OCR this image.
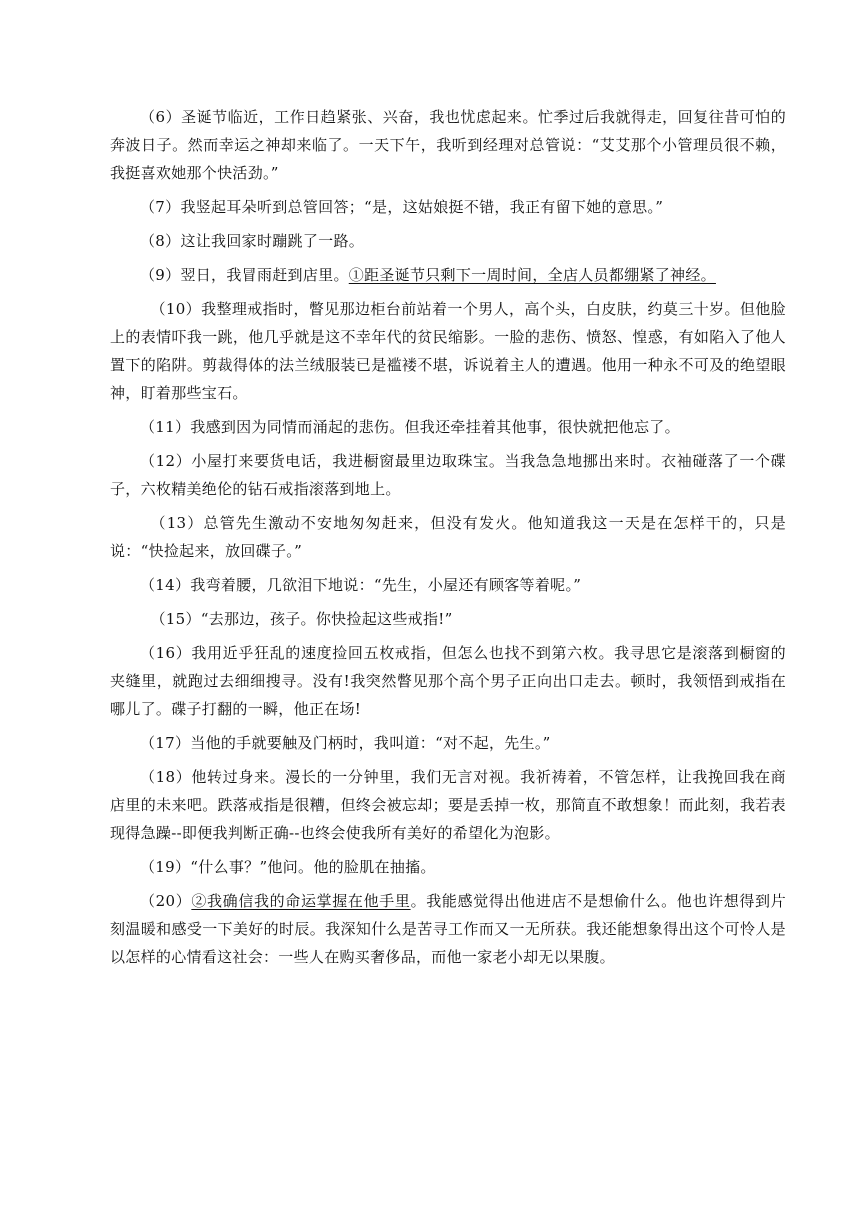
（6）圣诞节临近，工作日趋紧张、兴奋，我也忧虑起来。忙季过后我就得走，回复往昔可怕的奔波日子。然而幸运之神却来临了。一天下午，我听到经理对总管说：“艾艾那个小管理员很不赖，我挺喜欢她那个快活劲。”

（7）我竖起耳朵听到总管回答；“是，这姑娘挺不错，我正有留下她的意思。”

（8）这让我回家时蹦跳了一路。

（9）翌日，我冒雨赶到店里。①距圣诞节只剩下一周时间，全店人员都绷紧了神经。

（10）我整理戒指时，瞥见那边柜台前站着一个男人，高个头，白皮肤，约莫三十岁。但他脸上的表情吓我一跳，他几乎就是这不幸年代的贫民缩影。一脸的悲伤、愤怒、惶惑，有如陷入了他人置下的陷阱。剪裁得体的法兰绒服装已是褴褛不堪，诉说着主人的遭遇。他用一种永不可及的绝望眼神，盯着那些宝石。

（11）我感到因为同情而涌起的悲伤。但我还牵挂着其他事，很快就把他忘了。

（12）小屋打来要货电话，我进橱窗最里边取珠宝。当我急急地挪出来时。衣袖碰落了一个碟子，六枚精美绝伦的钻石戒指滚落到地上。

（13）总管先生激动不安地匆匆赶来，但没有发火。他知道我这一天是在怎样干的，只是说：“快捡起来，放回碟子。”

（14）我弯着腰，几欲泪下地说：“先生，小屋还有顾客等着呢。”

（15）“去那边，孩子。你快捡起这些戒指!”

（16）我用近乎狂乱的速度捡回五枚戒指，但怎么也找不到第六枚。我寻思它是滚落到橱窗的夹缝里，就跑过去细细搜寻。没有!我突然瞥见那个高个男子正向出口走去。顿时，我领悟到戒指在哪儿了。碟子打翻的一瞬，他正在场!

（17）当他的手就要触及门柄时，我叫道：“对不起，先生。”

（18）他转过身来。漫长的一分钟里，我们无言对视。我祈祷着，不管怎样，让我挽回我在商店里的未来吧。跌落戒指是很糟，但终会被忘却；要是丢掉一枚，那简直不敢想象！而此刻，我若表现得急躁--即便我判断正确--也终会使我所有美好的希望化为泡影。

（19）“什么事？”他问。他的脸肌在抽搐。

（20）②我确信我的命运掌握在他手里。我能感觉得出他进店不是想偷什么。他也许想得到片刻温暖和感受一下美好的时辰。我深知什么是苦寻工作而又一无所获。我还能想象得出这个可怜人是以怎样的心情看这社会：一些人在购买奢侈品，而他一家老小却无以果腹。
